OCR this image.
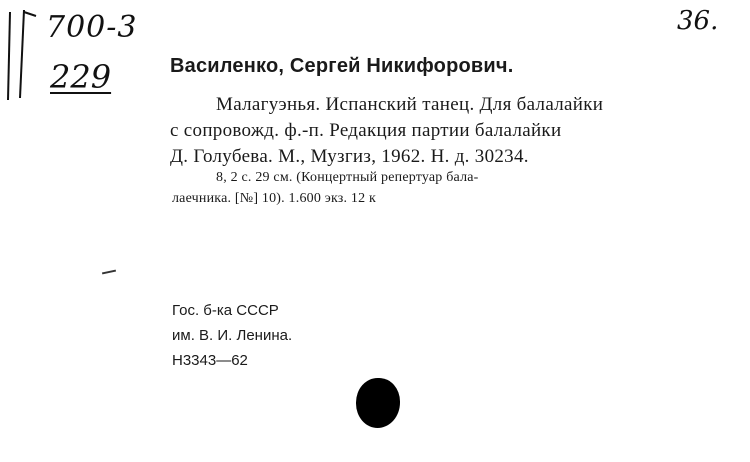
700-3
229
36.
Василенко, Сергей Никифорович.
Малагуэнья. Испанский танец. Для балалайки
с сопровожд. ф.-п. Редакция партии балалайки
Д. Голубева. М., Музгиз, 1962. Н. д. 30234.
8, 2 с. 29 см. (Концертный репертуар бала-
лаечника. [№] 10). 1.600 экз. 12 к
Гос. б-ка СССР
им. В. И. Ленина.
Н3343—62
